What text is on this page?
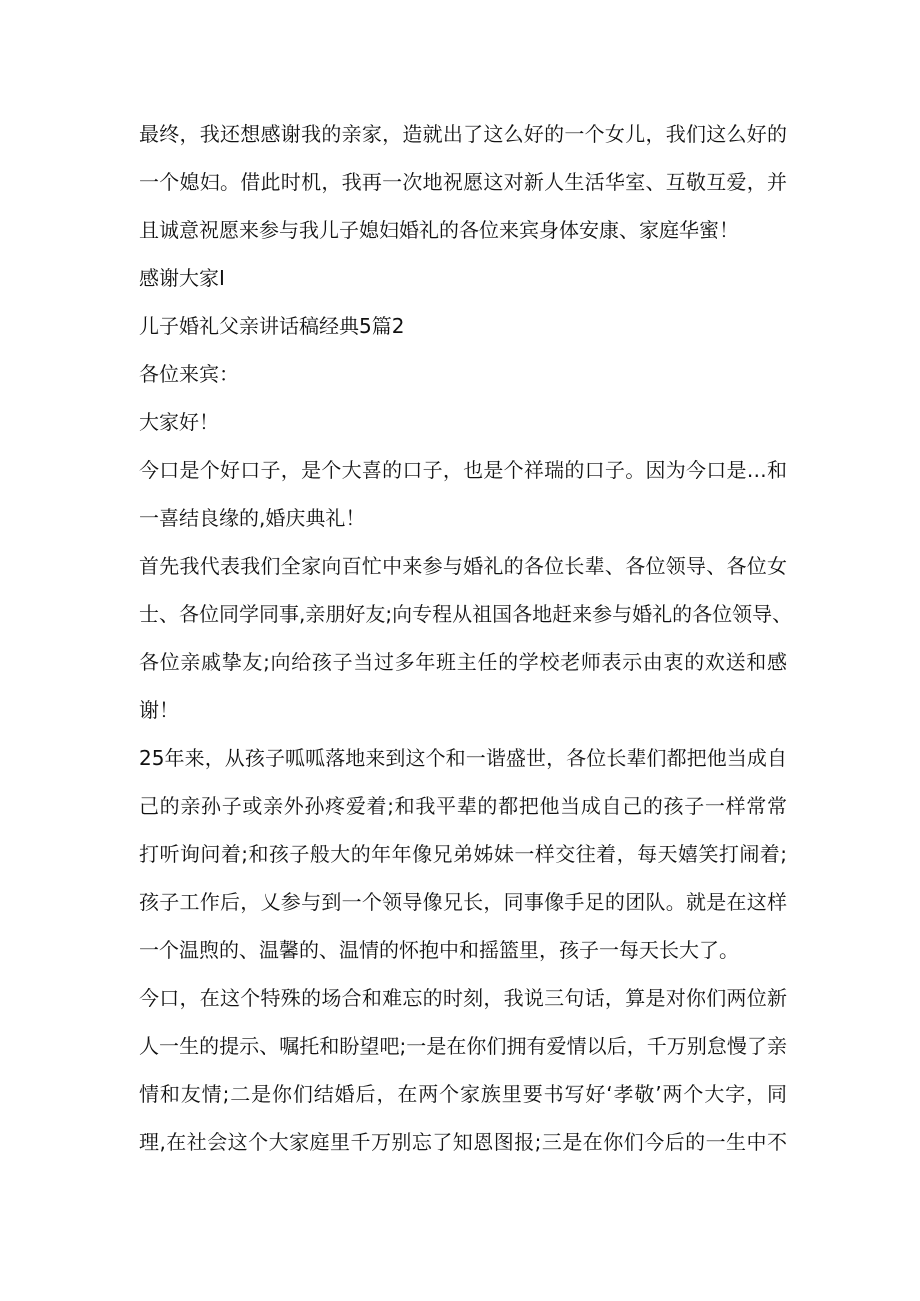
最终，我还想感谢我的亲家，造就出了这么好的一个女儿，我们这么好的
一个媳妇。借此时机，我再一次地祝愿这对新人生活华室、互敬互爱，并
且诚意祝愿来参与我儿子媳妇婚礼的各位来宾身体安康、家庭华蜜！
感谢大家I
儿子婚礼父亲讲话稿经典5篇2
各位来宾：
大家好！
今口是个好口子，是个大喜的口子，也是个祥瑞的口子。因为今口是…和
一喜结良缘的,婚庆典礼！
首先我代表我们全家向百忙中来参与婚礼的各位长辈、各位领导、各位女
士、各位同学同事,亲朋好友;向专程从祖国各地赶来参与婚礼的各位领导、
各位亲戚挚友;向给孩子当过多年班主任的学校老师表示由衷的欢送和感
谢！
25年来，从孩子呱呱落地来到这个和一谐盛世，各位长辈们都把他当成自
己的亲孙子或亲外孙疼爱着;和我平辈的都把他当成自己的孩子一样常常
打听询问着;和孩子般大的年年像兄弟姊妹一样交往着，每天嬉笑打闹着;
孩子工作后，乂参与到一个领导像兄长，同事像手足的团队。就是在这样
一个温煦的、温馨的、温情的怀抱中和摇篮里，孩子一每天长大了。
今口，在这个特殊的场合和难忘的时刻，我说三句话，算是对你们两位新
人一生的提示、嘱托和盼望吧;一是在你们拥有爱情以后，千万别怠慢了亲
情和友情;二是你们结婚后，在两个家族里要书写好‘孝敬’两个大字，同
理,在社会这个大家庭里千万别忘了知恩图报;三是在你们今后的一生中不
